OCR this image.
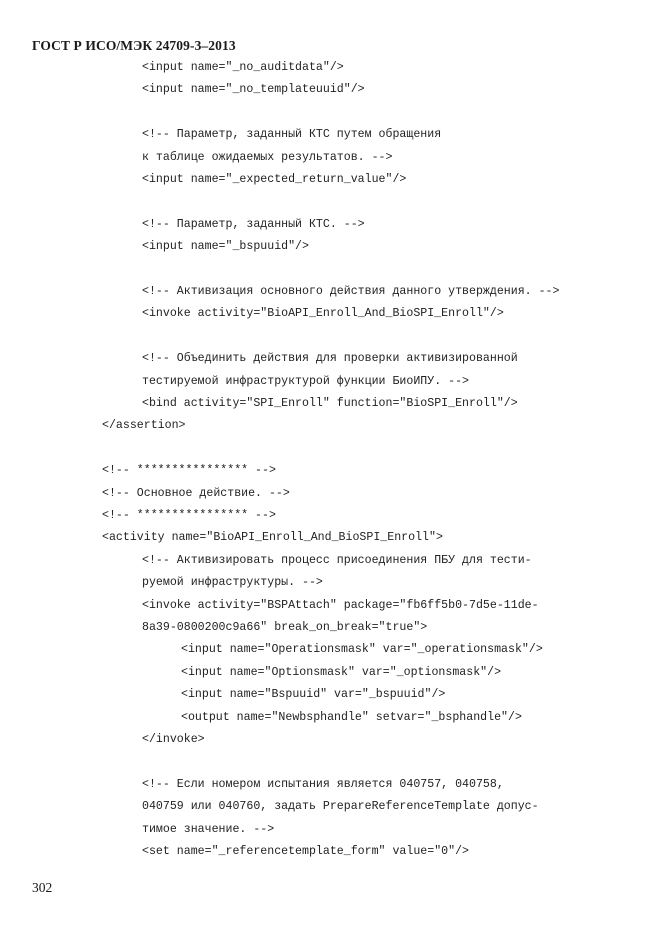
ГОСТ Р ИСО/МЭК 24709-3–2013
<input name="_no_auditdata"/>
<input name="_no_templateuuid"/>
<!-- Параметр, заданный КТС путем обращения
к таблице ожидаемых результатов. -->
<input name="_expected_return_value"/>
<!-- Параметр, заданный КТС. -->
<input name="_bspuuid"/>
<!-- Активизация основного действия данного утверждения. -->
<invoke activity="BioAPI_Enroll_And_BioSPI_Enroll"/>
<!-- Объединить действия для проверки активизированной
тестируемой инфраструктурой функции БиоИПУ. -->
<bind activity="SPI_Enroll" function="BioSPI_Enroll"/>
</assertion>
<!-- **************** -->
<!-- Основное действие. -->
<!-- **************** -->
<activity name="BioAPI_Enroll_And_BioSPI_Enroll">
<!-- Активизировать процесс присоединения ПБУ для тести-
руемой инфраструктуры. -->
<invoke activity="BSPAttach" package="fb6ff5b0-7d5e-11de-
8a39-0800200c9a66" break_on_break="true">
<input name="Operationsmask" var="_operationsmask"/>
<input name="Optionsmask" var="_optionsmask"/>
<input name="Bspuuid" var="_bspuuid"/>
<output name="Newbsphandle" setvar="_bsphandle"/>
</invoke>
<!-- Если номером испытания является 040757, 040758,
040759 или 040760, задать PrepareReferenceTemplate допус-
тимое значение. -->
<set name="_referencetemplate_form" value="0"/>
302
